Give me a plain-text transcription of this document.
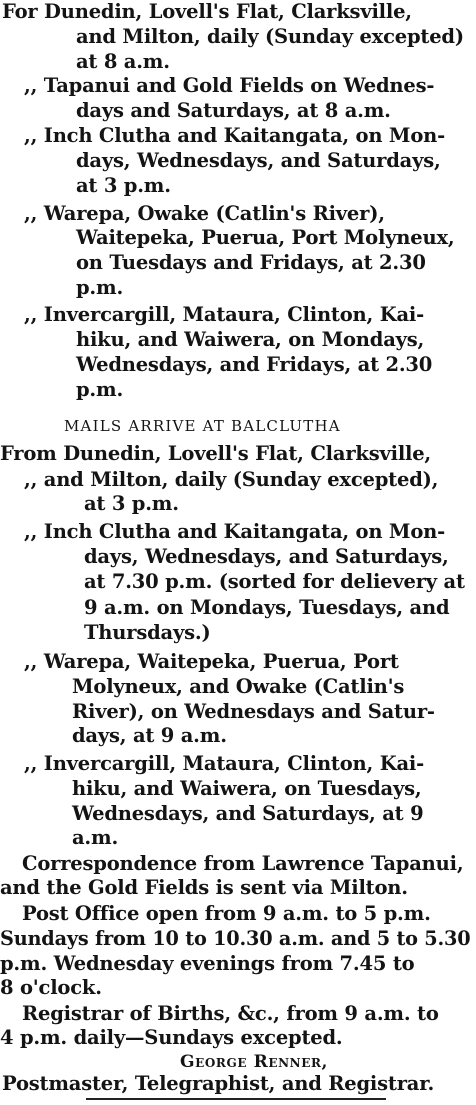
For Dunedin, Lovell's Flat, Clarksville,
and Milton, daily (Sunday excepted)
at 8 a.m.
,, Tapanui and Gold Fields on Wednes-
days and Saturdays, at 8 a.m.
,, Inch Clutha and Kaitangata, on Mon-
days, Wednesdays, and Saturdays,
at 3 p.m.
,, Warepa, Owake (Catlin's River),
Waitepeka, Puerua, Port Molyneux,
on Tuesdays and Fridays, at 2.30
p.m.
,, Invercargill, Mataura, Clinton, Kai-
hiku, and Waiwera, on Mondays,
Wednesdays, and Fridays, at 2.30
p.m.
MAILS ARRIVE AT BALCLUTHA
From Dunedin, Lovell's Flat, Clarksville,
,, and Milton, daily (Sunday excepted),
at 3 p.m.
,, Inch Clutha and Kaitangata, on Mon-
days, Wednesdays, and Saturdays,
at 7.30 p.m. (sorted for delievery at
9 a.m. on Mondays, Tuesdays, and
Thursdays.)
,, Warepa, Waitepeka, Puerua, Port
Molyneux, and Owake (Catlin's
River), on Wednesdays and Satur-
days, at 9 a.m.
,, Invercargill, Mataura, Clinton, Kai-
hiku, and Waiwera, on Tuesdays,
Wednesdays, and Saturdays, at 9
a.m.
Correspondence from Lawrence Tapanui,
and the Gold Fields is sent via Milton.
Post Office open from 9 a.m. to 5 p.m.
Sundays from 10 to 10.30 a.m. and 5 to 5.30
p.m. Wednesday evenings from 7.45 to
8 o'clock.
Registrar of Births, &c., from 9 a.m. to
4 p.m. daily—Sundays excepted.
George Renner,
Postmaster, Telegraphist, and Registrar.
